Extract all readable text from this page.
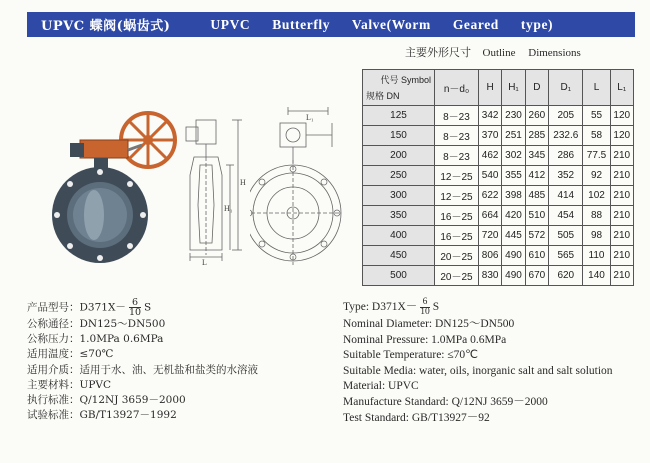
UPVC 蝶阀(蜗齿式)	UPVC Butterfly Valve(Worm Geared type)
主要外形尺寸 Outline Dimensions
H
H₁
L
L₁
代号 Symbol
规格 DN	n－d₀	H	H₁	D	D₁	L	L₁
125	8－23	342	230	260	205	55	120
150	8－23	370	251	285	232.6	58	120
200	8－23	462	302	345	286	77.5	210
250	12－25	540	355	412	352	92	210
300	12－25	622	398	485	414	102	210
350	16－25	664	420	510	454	88	210
400	16－25	720	445	572	505	98	210
450	20－25	806	490	610	565	110	210
500	20－25	830	490	670	620	140	210
产品型号：$D371X- \frac{6}{10}$ S
公称通径：DN125～DN500
公称压力：1.0MPa 0.6MPa
适用温度：≤70℃
适用介质：适用于水、油、无机盐和盐类的水溶液
主要材料：UPVC
执行标准：Q/12NJ 3659－2000
试验标准：GB/T13927－1992
Type: $D371X- \frac{6}{10}$ S
Nominal Diameter: DN125～DN500
Nominal Pressure: 1.0MPa 0.6MPa
Suitable Temperature: ≤70℃
Suitable Media: water, oils, inorganic salt and salt solution
Material: UPVC
Manufacture Standard: Q/12NJ 3659－2000
Test Standard: GB/T13927－92
